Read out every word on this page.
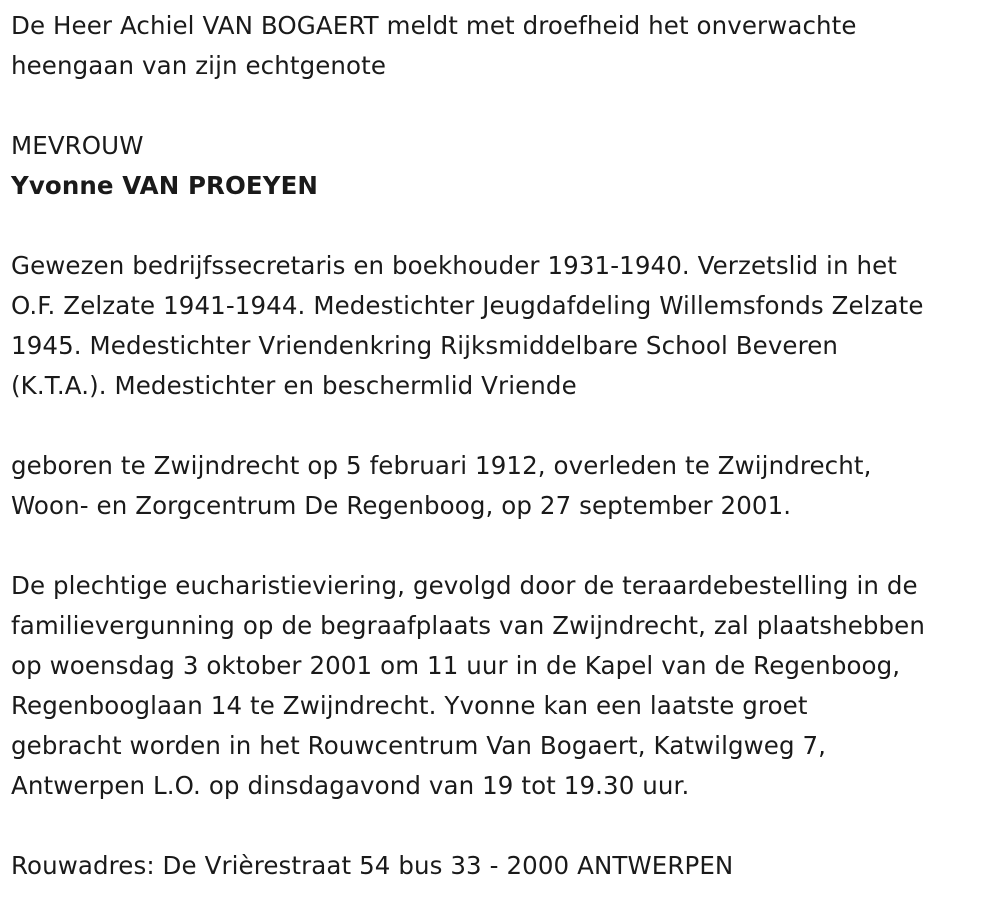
De Heer Achiel VAN BOGAERT meldt met droefheid het onverwachte
heengaan van zijn echtgenote

MEVROUW

Yvonne VAN PROEYEN

Gewezen bedrijfssecretaris en boekhouder 1931-1940. Verzetslid in het
O.F. Zelzate 1941-1944. Medestichter Jeugdafdeling Willemsfonds Zelzate
1945. Medestichter Vriendenkring Rijksmiddelbare School Beveren
(K.T.A.). Medestichter en beschermlid Vriende

geboren te Zwijndrecht op 5 februari 1912, overleden te Zwijndrecht,
Woon- en Zorgcentrum De Regenboog, op 27 september 2001.

De plechtige eucharistieviering, gevolgd door de teraardebestelling in de
familievergunning op de begraafplaats van Zwijndrecht, zal plaatshebben
op woensdag 3 oktober 2001 om 11 uur in de Kapel van de Regenboog,
Regenbooglaan 14 te Zwijndrecht. Yvonne kan een laatste groet
gebracht worden in het Rouwcentrum Van Bogaert, Katwilgweg 7,
Antwerpen L.O. op dinsdagavond van 19 tot 19.30 uur.

Rouwadres: De Vrièrestraat 54 bus 33 - 2000 ANTWERPEN
